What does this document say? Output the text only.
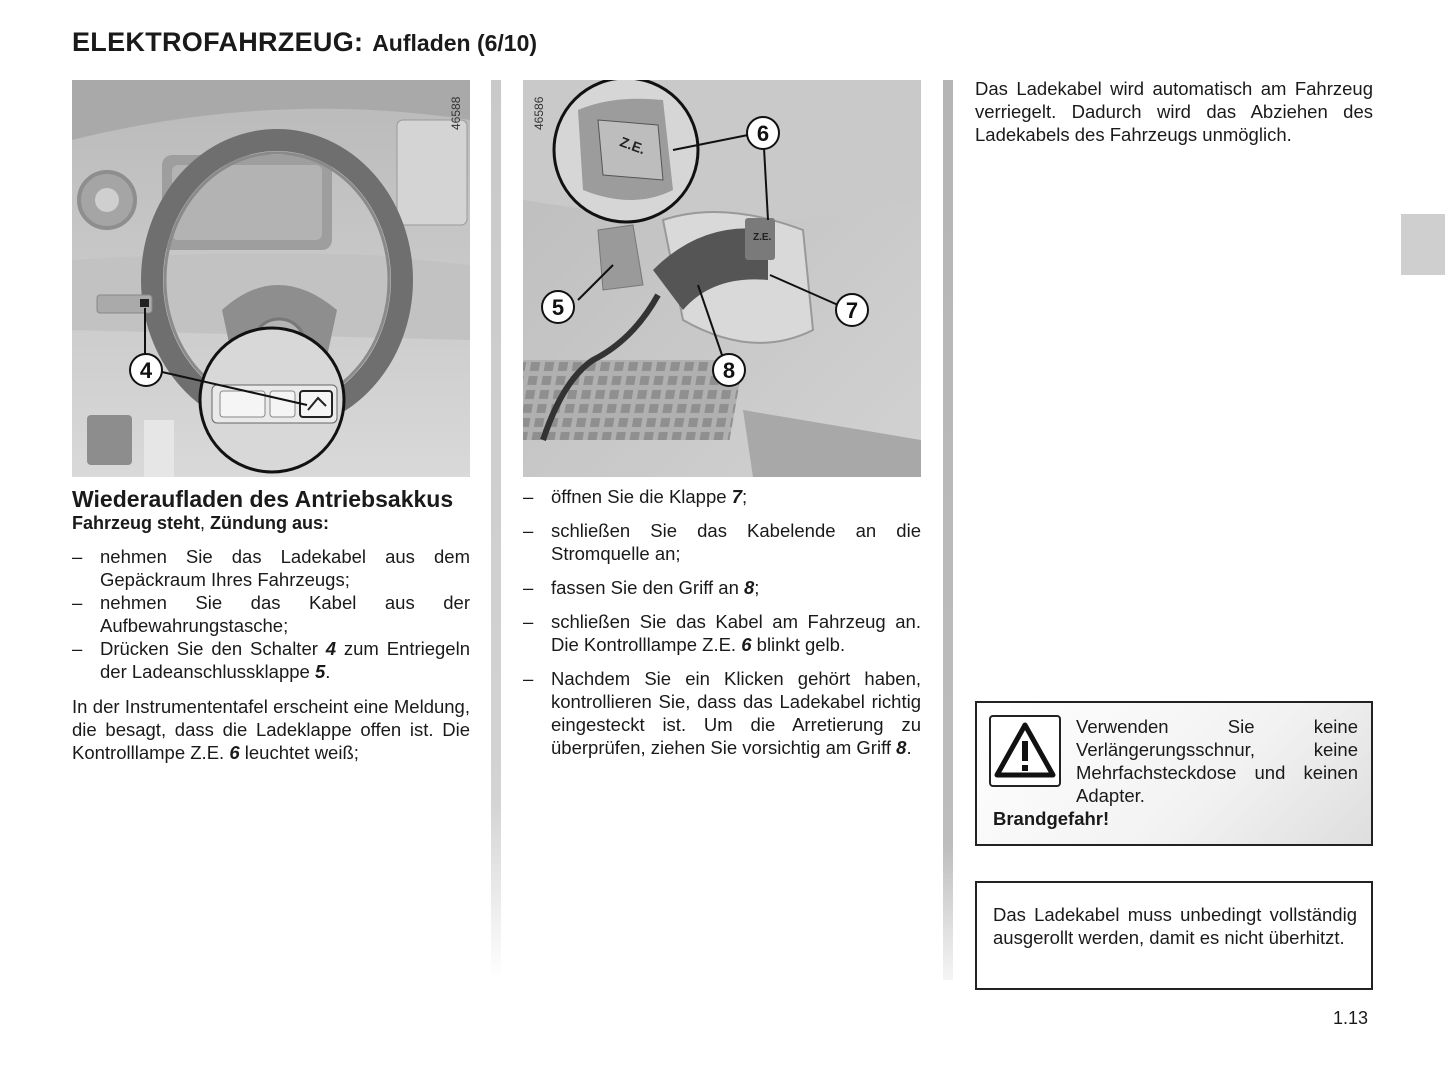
ELEKTROFAHRZEUG: Aufladen (6/10)
4
46588
Z.E.
Z.E.	6
5	7
8
46586
Wiederaufladen des Antriebsakkus
Fahrzeug steht, Zündung aus:
– nehmen Sie das Ladekabel aus dem Gepäckraum Ihres Fahrzeugs;
– nehmen Sie das Kabel aus der Aufbewahrungstasche;
– Drücken Sie den Schalter 4 zum Entriegeln der Ladeanschlussklappe 5.

In der Instrumententafel erscheint eine Meldung, die besagt, dass die Ladeklappe offen ist. Die Kontrolllampe Z.E. 6 leuchtet weiß;

– öffnen Sie die Klappe 7;
– schließen Sie das Kabelende an die Stromquelle an;
– fassen Sie den Griff an 8;
– schließen Sie das Kabel am Fahrzeug an. Die Kontrolllampe Z.E. 6 blinkt gelb.
– Nachdem Sie ein Klicken gehört haben, kontrollieren Sie, dass das Ladekabel richtig eingesteckt ist. Um die Arretierung zu überprüfen, ziehen Sie vorsichtig am Griff 8.

Das Ladekabel wird automatisch am Fahrzeug verriegelt. Dadurch wird das Abziehen des Ladekabels des Fahrzeugs unmöglich.

Verwenden Sie keine Verlängerungsschnur, keine Mehrfachsteckdose und keinen Adapter.
Brandgefahr!
Das Ladekabel muss unbedingt vollständig ausgerollt werden, damit es nicht überhitzt.
1.13
